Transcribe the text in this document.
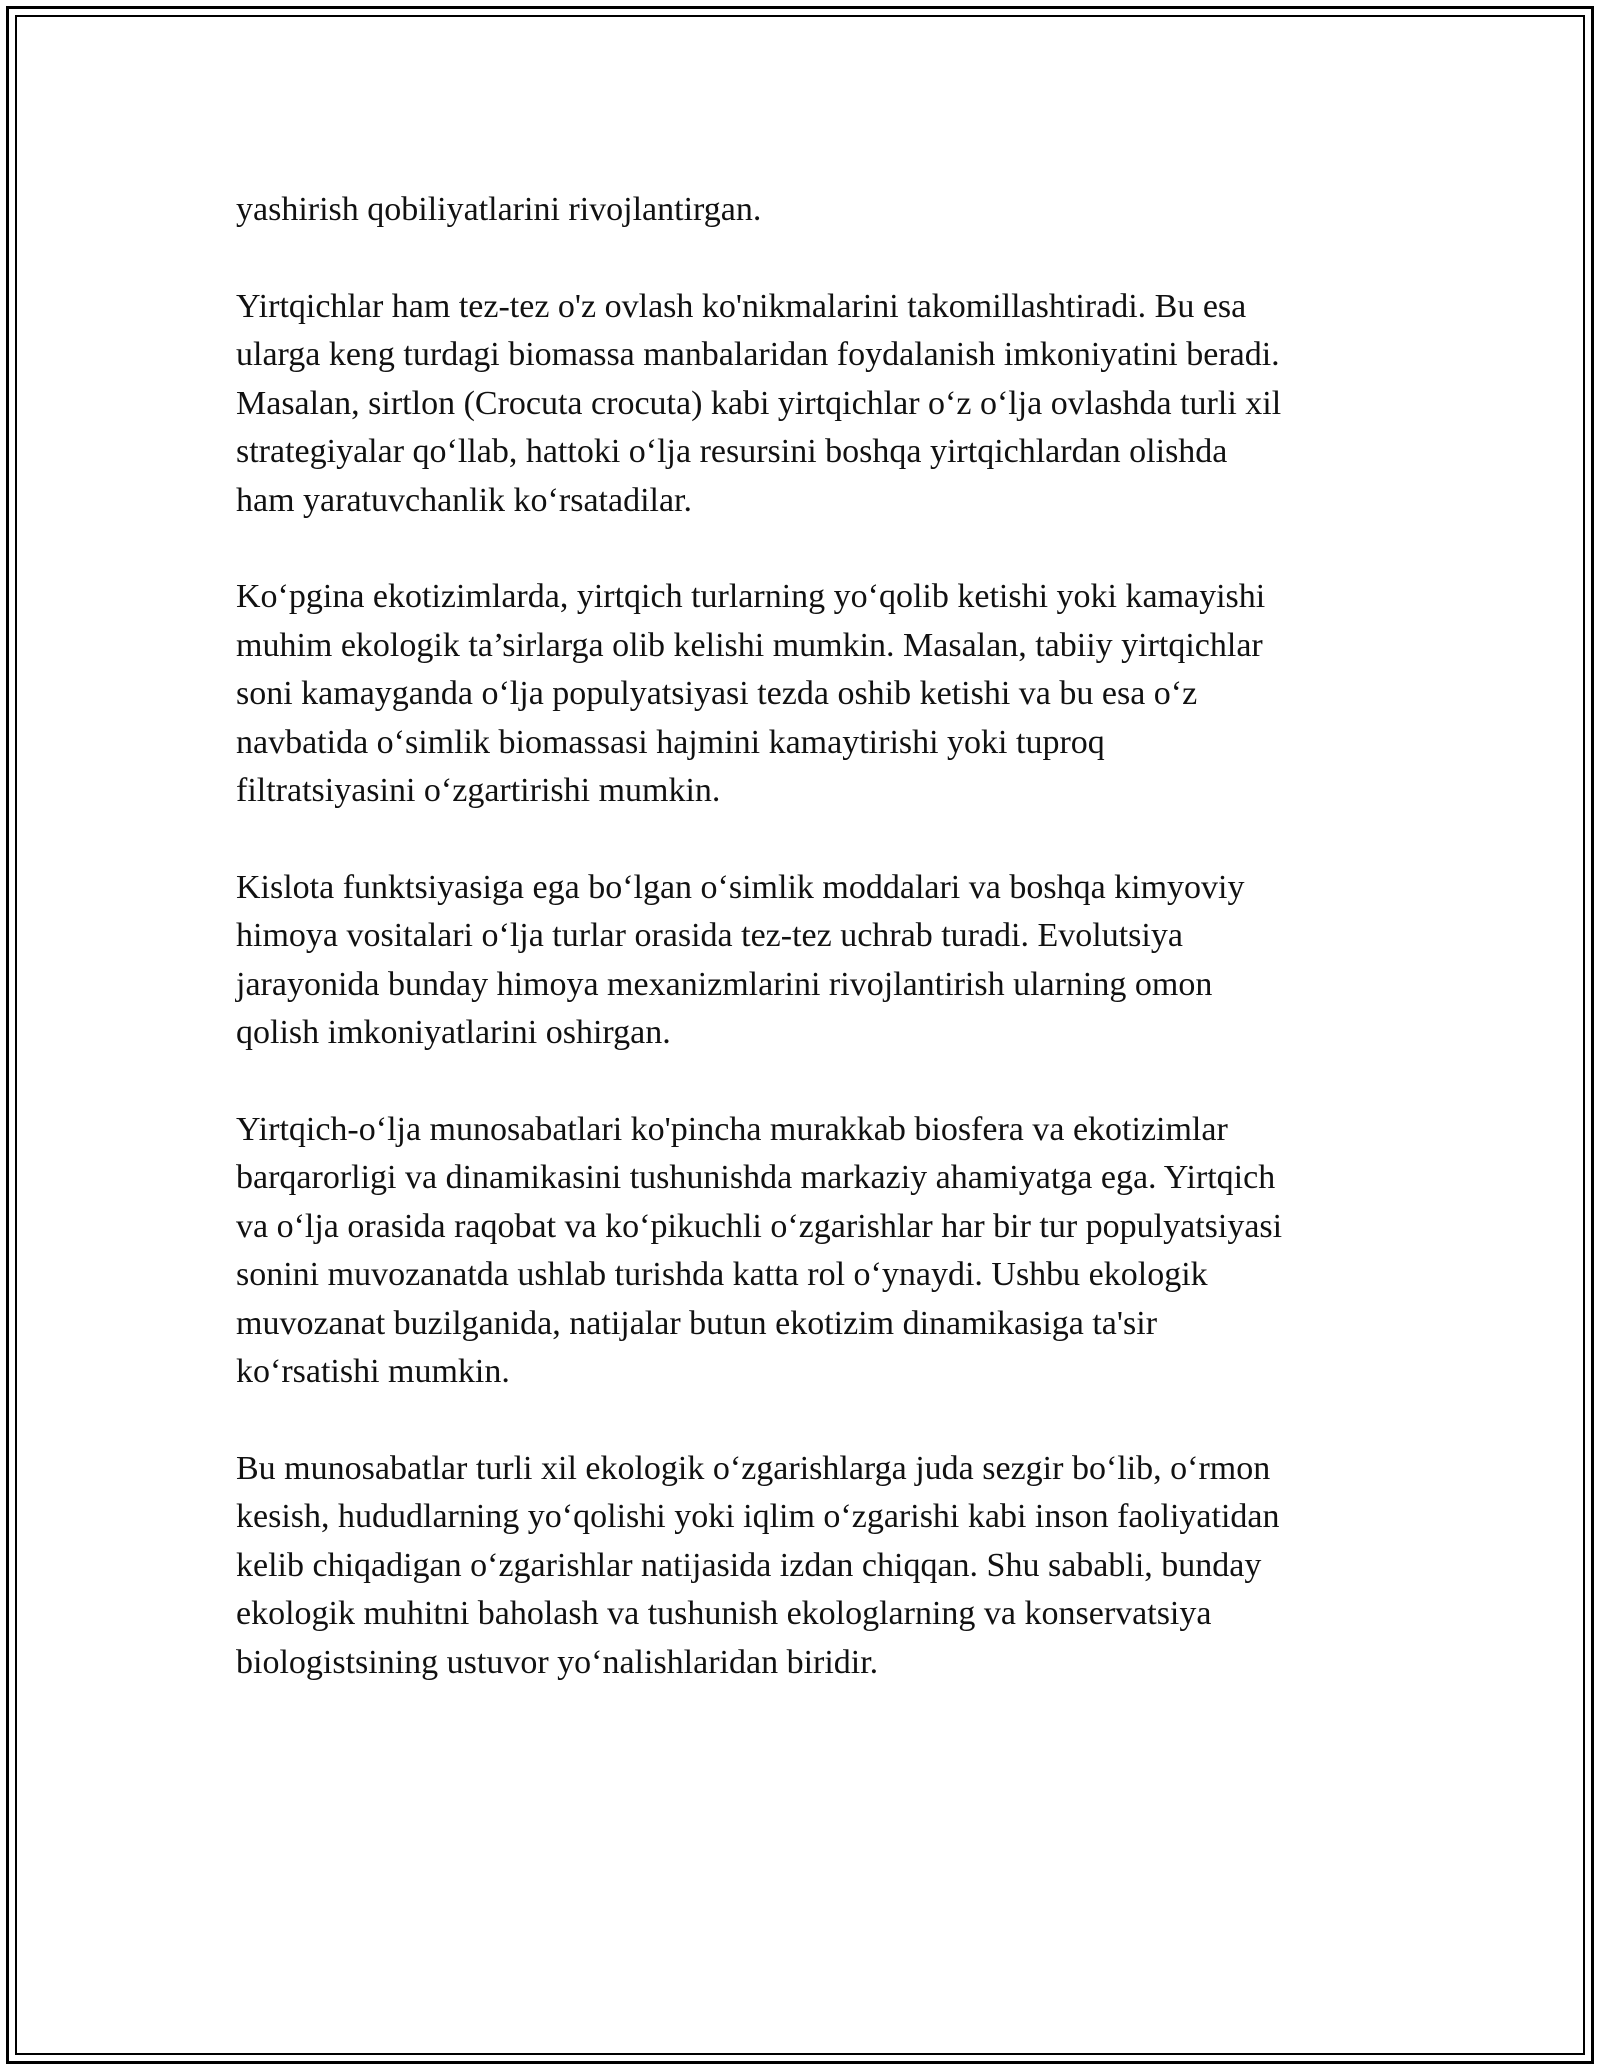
yashirish qobiliyatlarini rivojlantirgan.

Yirtqichlar ham tez-tez o'z ovlash ko'nikmalarini takomillashtiradi. Bu esa
ularga keng turdagi biomassa manbalaridan foydalanish imkoniyatini beradi.
Masalan, sirtlon (Crocuta crocuta) kabi yirtqichlar o‘z o‘lja ovlashda turli xil
strategiyalar qo‘llab, hattoki o‘lja resursini boshqa yirtqichlardan olishda
ham yaratuvchanlik ko‘rsatadilar.

Ko‘pgina ekotizimlarda, yirtqich turlarning yo‘qolib ketishi yoki kamayishi
muhim ekologik ta’sirlarga olib kelishi mumkin. Masalan, tabiiy yirtqichlar
soni kamayganda o‘lja populyatsiyasi tezda oshib ketishi va bu esa o‘z
navbatida o‘simlik biomassasi hajmini kamaytirishi yoki tuproq
filtratsiyasini o‘zgartirishi mumkin.

Kislota funktsiyasiga ega bo‘lgan o‘simlik moddalari va boshqa kimyoviy
himoya vositalari o‘lja turlar orasida tez-tez uchrab turadi. Evolutsiya
jarayonida bunday himoya mexanizmlarini rivojlantirish ularning omon
qolish imkoniyatlarini oshirgan.

Yirtqich-o‘lja munosabatlari ko'pincha murakkab biosfera va ekotizimlar
barqarorligi va dinamikasini tushunishda markaziy ahamiyatga ega. Yirtqich
va o‘lja orasida raqobat va ko‘pikuchli o‘zgarishlar har bir tur populyatsiyasi
sonini muvozanatda ushlab turishda katta rol o‘ynaydi. Ushbu ekologik
muvozanat buzilganida, natijalar butun ekotizim dinamikasiga ta'sir
ko‘rsatishi mumkin.

Bu munosabatlar turli xil ekologik o‘zgarishlarga juda sezgir bo‘lib, o‘rmon
kesish, hududlarning yo‘qolishi yoki iqlim o‘zgarishi kabi inson faoliyatidan
kelib chiqadigan o‘zgarishlar natijasida izdan chiqqan. Shu sababli, bunday
ekologik muhitni baholash va tushunish ekologlarning va konservatsiya
biologistsining ustuvor yo‘nalishlaridan biridir.
